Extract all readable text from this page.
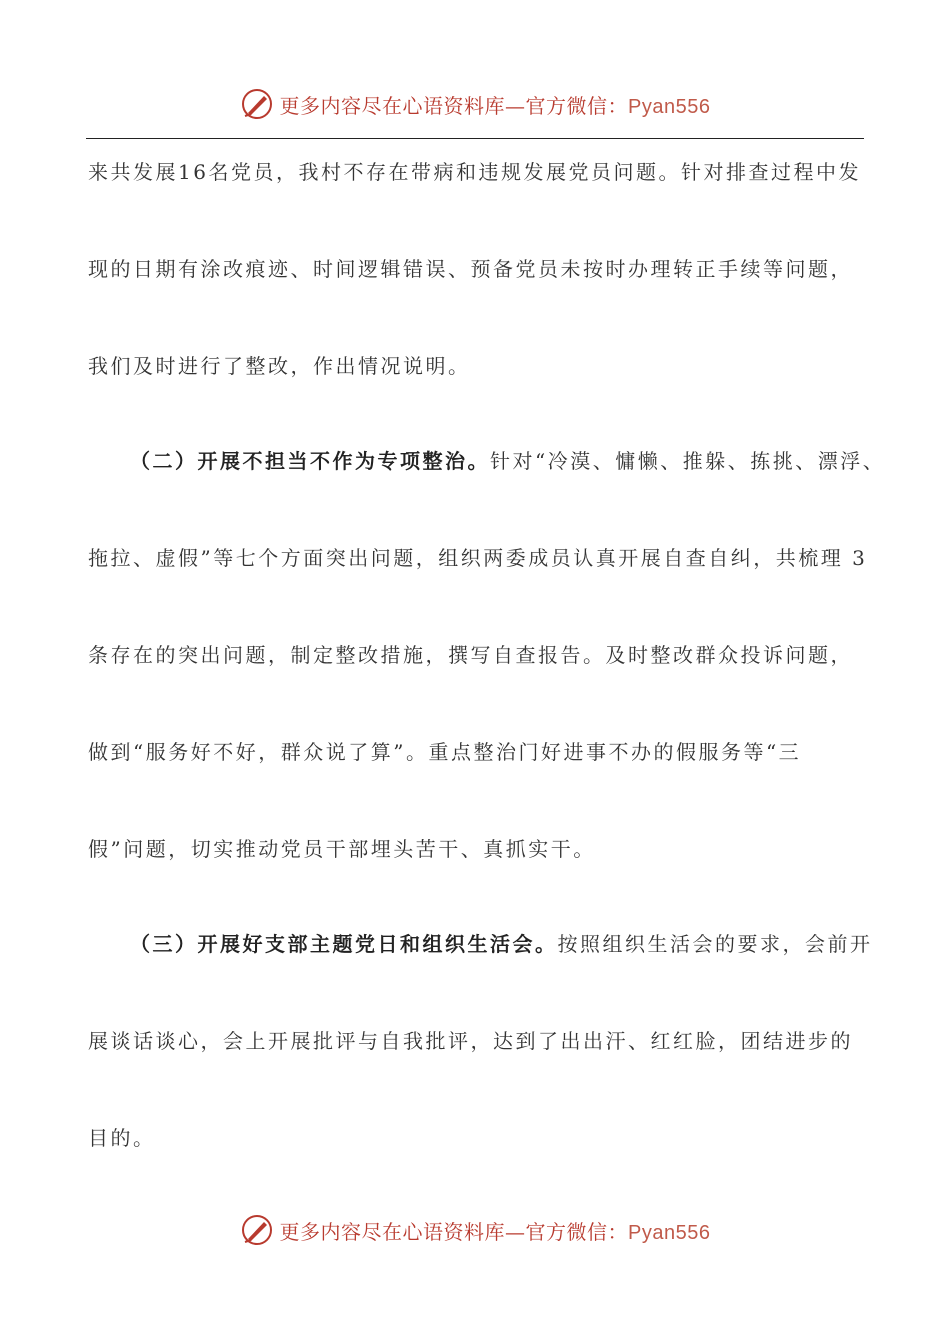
更多内容尽在心语资料库—官方微信：Pyan556
来共发展16名党员，我村不存在带病和违规发展党员问题。针对排查过程中发
现的日期有涂改痕迹、时间逻辑错误、预备党员未按时办理转正手续等问题，
我们及时进行了整改，作出情况说明。
（二）开展不担当不作为专项整治。针对“冷漠、慵懒、推躲、拣挑、漂浮、
拖拉、虚假”等七个方面突出问题，组织两委成员认真开展自查自纠，共梳理 3
条存在的突出问题，制定整改措施，撰写自查报告。及时整改群众投诉问题，
做到“服务好不好，群众说了算”。重点整治门好进事不办的假服务等“三
假”问题，切实推动党员干部埋头苦干、真抓实干。
（三）开展好支部主题党日和组织生活会。按照组织生活会的要求，会前开
展谈话谈心，会上开展批评与自我批评，达到了出出汗、红红脸，团结进步的
目的。
更多内容尽在心语资料库—官方微信：Pyan556
